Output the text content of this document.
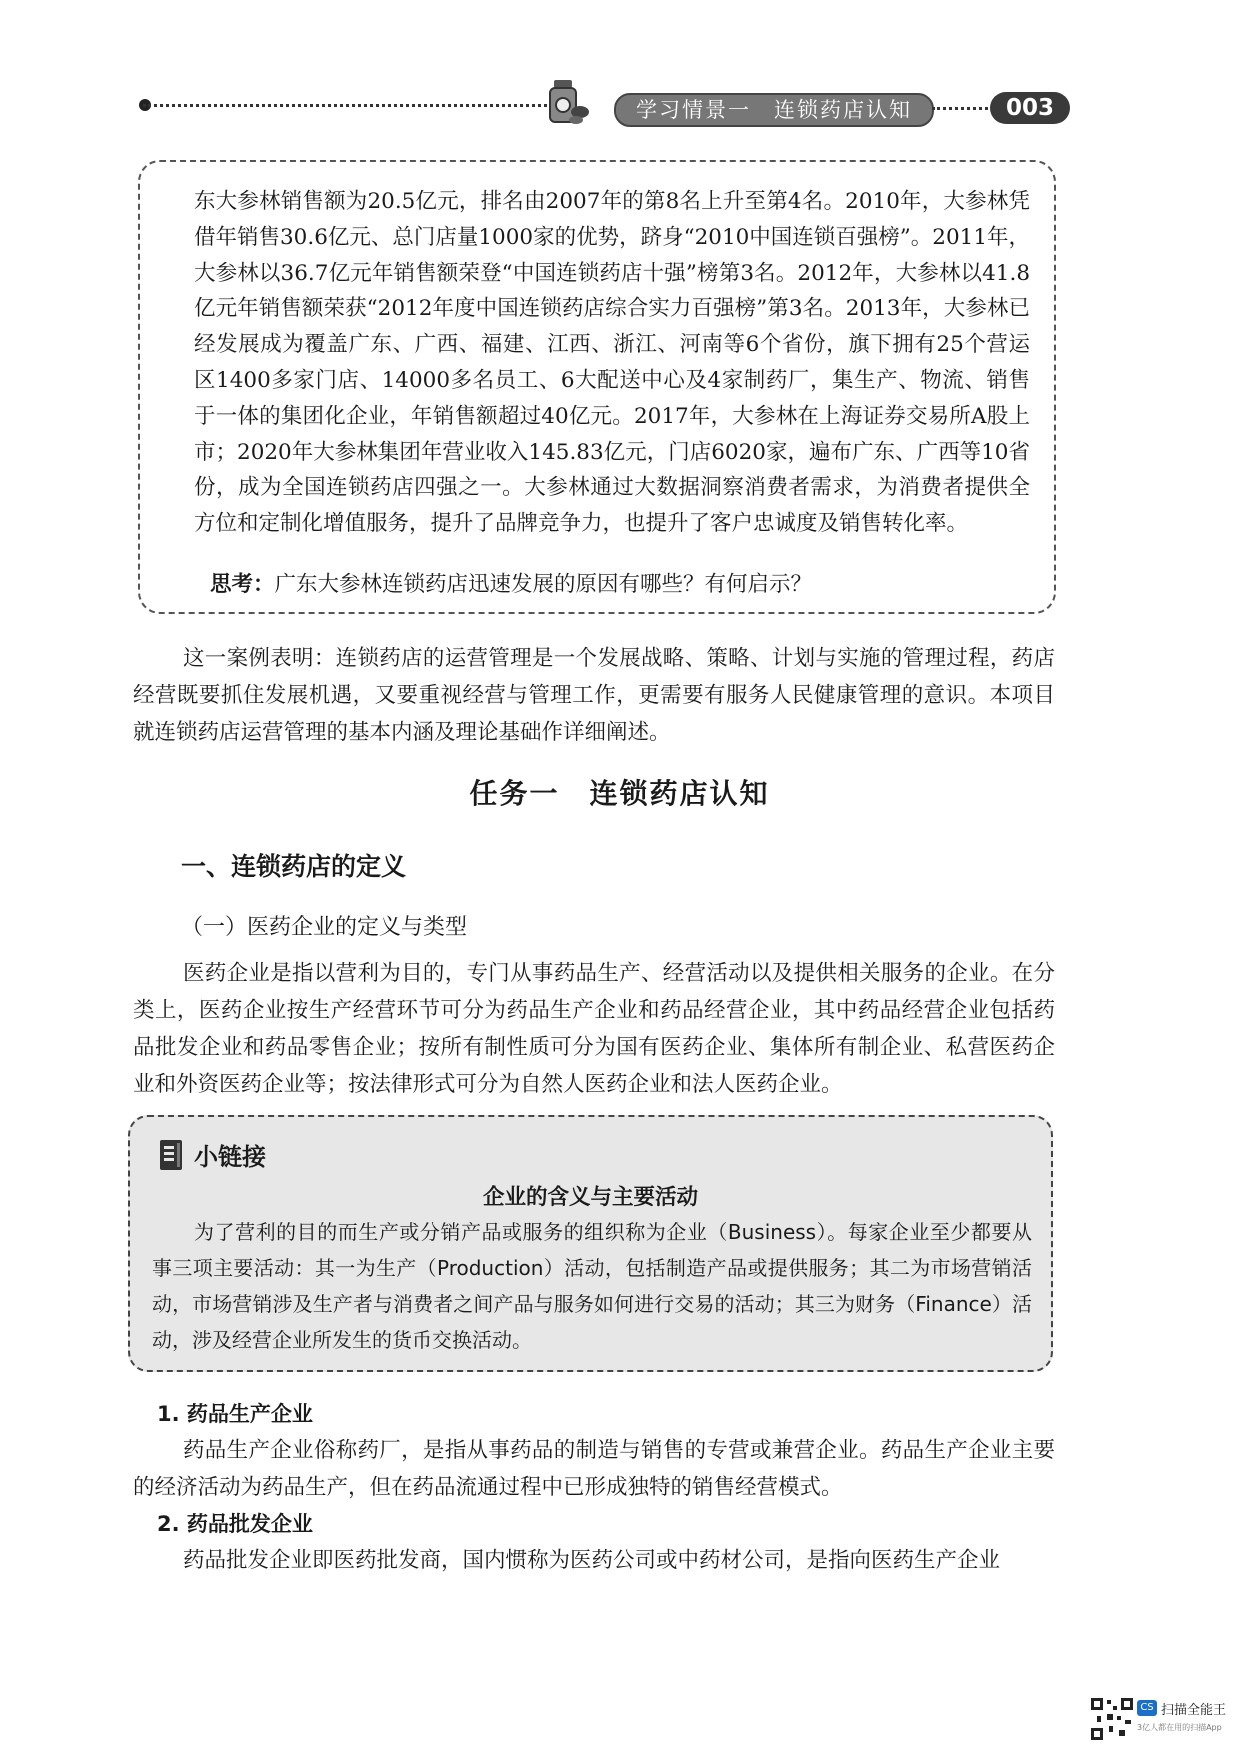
学习情景一　连锁药店认知	003
东大参林销售额为20.5亿元，排名由2007年的第8名上升至第4名。2010年，大参林凭借年销售30.6亿元、总门店量1000家的优势，跻身“2010中国连锁百强榜”。2011年，大参林以36.7亿元年销售额荣登“中国连锁药店十强”榜第3名。2012年，大参林以41.8亿元年销售额荣获“2012年度中国连锁药店综合实力百强榜”第3名。2013年，大参林已经发展成为覆盖广东、广西、福建、江西、浙江、河南等6个省份，旗下拥有25个营运区1400多家门店、14000多名员工、6大配送中心及4家制药厂，集生产、物流、销售于一体的集团化企业，年销售额超过40亿元。2017年，大参林在上海证券交易所A股上市；2020年大参林集团年营业收入145.83亿元，门店6020家，遍布广东、广西等10省份，成为全国连锁药店四强之一。大参林通过大数据洞察消费者需求，为消费者提供全方位和定制化增值服务，提升了品牌竞争力，也提升了客户忠诚度及销售转化率。
思考：广东大参林连锁药店迅速发展的原因有哪些？有何启示？
这一案例表明：连锁药店的运营管理是一个发展战略、策略、计划与实施的管理过程，药店经营既要抓住发展机遇，又要重视经营与管理工作，更需要有服务人民健康管理的意识。本项目就连锁药店运营管理的基本内涵及理论基础作详细阐述。
任务一　连锁药店认知
一、连锁药店的定义
（一）医药企业的定义与类型
医药企业是指以营利为目的，专门从事药品生产、经营活动以及提供相关服务的企业。在分类上，医药企业按生产经营环节可分为药品生产企业和药品经营企业，其中药品经营企业包括药品批发企业和药品零售企业；按所有制性质可分为国有医药企业、集体所有制企业、私营医药企业和外资医药企业等；按法律形式可分为自然人医药企业和法人医药企业。
小链接
企业的含义与主要活动
为了营利的目的而生产或分销产品或服务的组织称为企业（Business）。每家企业至少都要从事三项主要活动：其一为生产（Production）活动，包括制造产品或提供服务；其二为市场营销活动，市场营销涉及生产者与消费者之间产品与服务如何进行交易的活动；其三为财务（Finance）活动，涉及经营企业所发生的货币交换活动。
1. 药品生产企业
药品生产企业俗称药厂，是指从事药品的制造与销售的专营或兼营企业。药品生产企业主要的经济活动为药品生产，但在药品流通过程中已形成独特的销售经营模式。
2. 药品批发企业
药品批发企业即医药批发商，国内惯称为医药公司或中药材公司，是指向医药生产企业
CS 扫描全能王
3亿人都在用的扫描App
